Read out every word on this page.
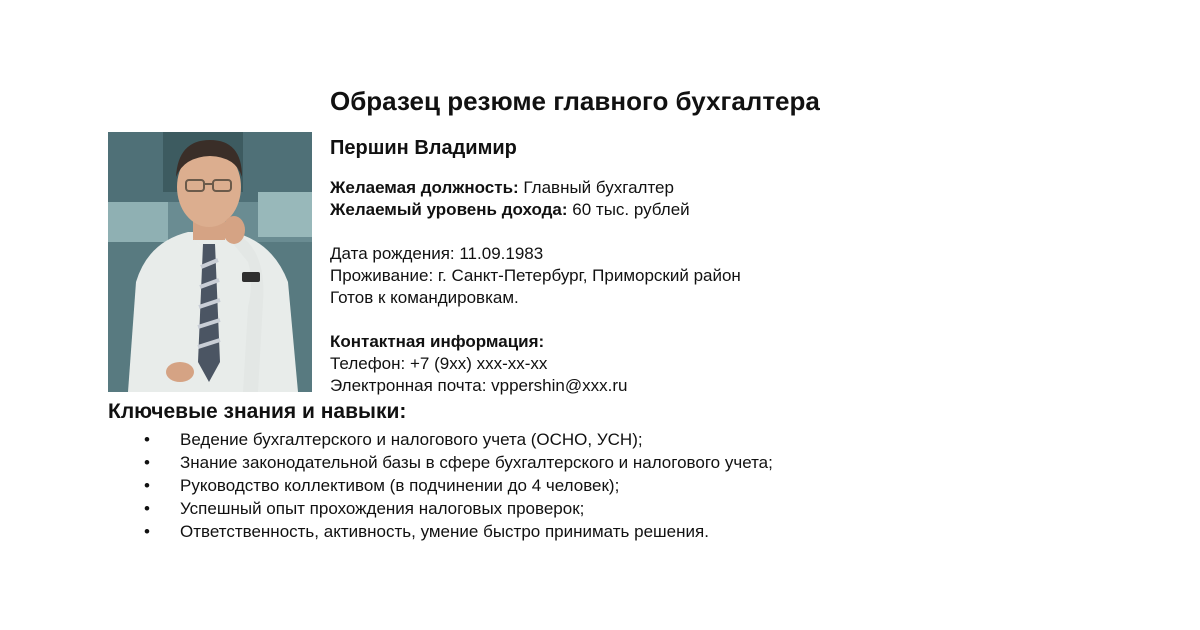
Образец резюме главного бухгалтера

Першин Владимир

Желаемая должность: Главный бухгалтер

Желаемый уровень дохода: 60 тыс. рублей

Дата рождения: 11.09.1983

Проживание: г. Санкт-Петербург, Приморский район

Готов к командировкам.

Контактная информация:

Телефон: +7 (9хх) ххх-хх-хх

Электронная почта: vppershin@xxx.ru

Ключевые знания и навыки:
• Ведение бухгалтерского и налогового учета (ОСНО, УСН);
• Знание законодательной базы в сфере бухгалтерского и налогового учета;
• Руководство коллективом (в подчинении до 4 человек);
• Успешный опыт прохождения налоговых проверок;
• Ответственность, активность, умение быстро принимать решения.
